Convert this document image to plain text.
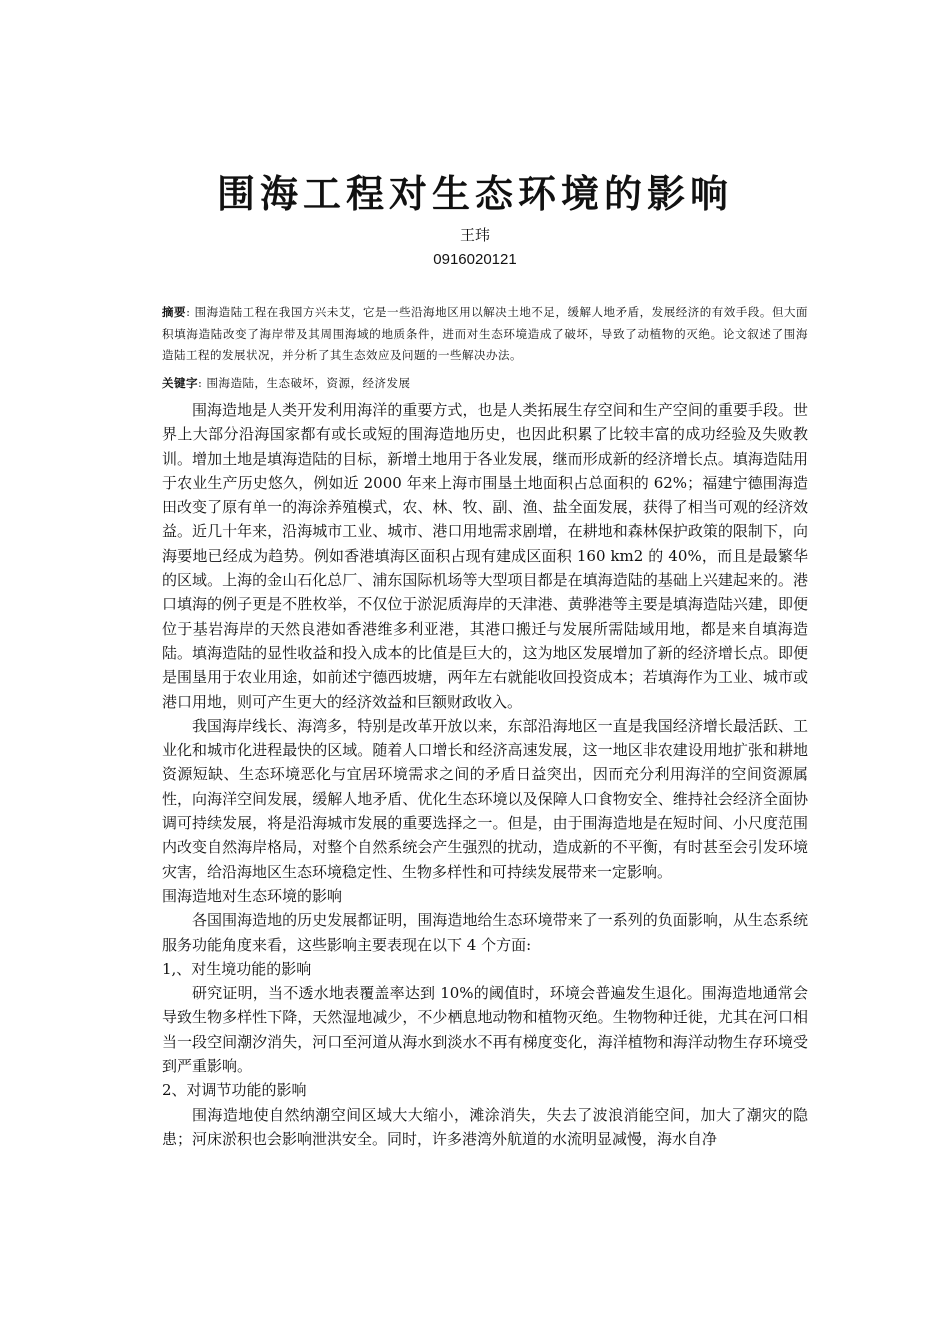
围海工程对生态环境的影响
王玮
0916020121
摘要: 围海造陆工程在我国方兴未艾，它是一些沿海地区用以解决土地不足，缓解人地矛盾，发展经济的有效手段。但大面积填海造陆改变了海岸带及其周围海域的地质条件，进而对生态环境造成了破坏，导致了动植物的灭绝。论文叙述了围海造陆工程的发展状况，并分析了其生态效应及问题的一些解决办法。
关键字: 围海造陆，生态破坏，资源，经济发展

围海造地是人类开发利用海洋的重要方式，也是人类拓展生存空间和生产空间的重要手段。世界上大部分沿海国家都有或长或短的围海造地历史，也因此积累了比较丰富的成功经验及失败教训。增加土地是填海造陆的目标，新增土地用于各业发展，继而形成新的经济增长点。填海造陆用于农业生产历史悠久，例如近 2000 年来上海市围垦土地面积占总面积的 62%；福建宁德围海造田改变了原有单一的海涂养殖模式，农、林、牧、副、渔、盐全面发展，获得了相当可观的经济效益。近几十年来，沿海城市工业、城市、港口用地需求剧增，在耕地和森林保护政策的限制下，向海要地已经成为趋势。例如香港填海区面积占现有建成区面积 160 km2 的 40%，而且是最繁华的区域。上海的金山石化总厂、浦东国际机场等大型项目都是在填海造陆的基础上兴建起来的。港口填海的例子更是不胜枚举，不仅位于淤泥质海岸的天津港、黄骅港等主要是填海造陆兴建，即便位于基岩海岸的天然良港如香港维多利亚港，其港口搬迁与发展所需陆域用地，都是来自填海造陆。填海造陆的显性收益和投入成本的比值是巨大的，这为地区发展增加了新的经济增长点。即便是围垦用于农业用途，如前述宁德西坡塘，两年左右就能收回投资成本；若填海作为工业、城市或港口用地，则可产生更大的经济效益和巨额财政收入。

我国海岸线长、海湾多，特别是改革开放以来，东部沿海地区一直是我国经济增长最活跃、工业化和城市化进程最快的区域。随着人口增长和经济高速发展，这一地区非农建设用地扩张和耕地资源短缺、生态环境恶化与宜居环境需求之间的矛盾日益突出，因而充分利用海洋的空间资源属性，向海洋空间发展，缓解人地矛盾、优化生态环境以及保障人口食物安全、维持社会经济全面协调可持续发展，将是沿海城市发展的重要选择之一。但是，由于围海造地是在短时间、小尺度范围内改变自然海岸格局，对整个自然系统会产生强烈的扰动，造成新的不平衡，有时甚至会引发环境灾害，给沿海地区生态环境稳定性、生物多样性和可持续发展带来一定影响。

围海造地对生态环境的影响

各国围海造地的历史发展都证明，围海造地给生态环境带来了一系列的负面影响，从生态系统服务功能角度来看，这些影响主要表现在以下 4 个方面:

1,、对生境功能的影响

研究证明，当不透水地表覆盖率达到 10%的阈值时，环境会普遍发生退化。围海造地通常会导致生物多样性下降，天然湿地减少，不少栖息地动物和植物灭绝。生物物种迁徙，尤其在河口相当一段空间潮汐消失，河口至河道从海水到淡水不再有梯度变化，海洋植物和海洋动物生存环境受到严重影响。

2、对调节功能的影响

围海造地使自然纳潮空间区域大大缩小，滩涂消失，失去了波浪消能空间，加大了潮灾的隐患；河床淤积也会影响泄洪安全。同时，许多港湾外航道的水流明显减慢，海水自净
